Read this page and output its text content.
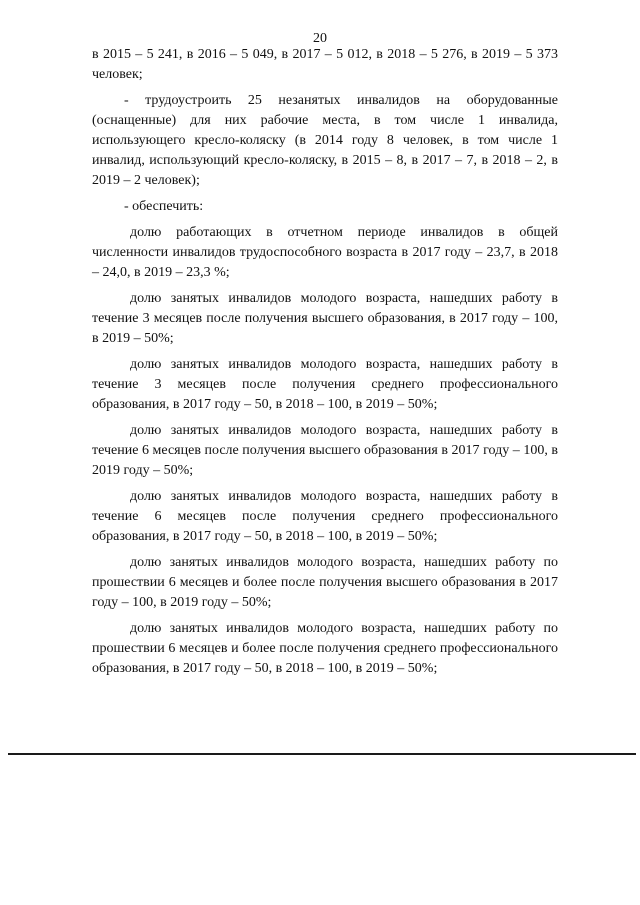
20

в 2015 – 5 241, в 2016 – 5 049, в 2017 – 5 012, в 2018 – 5 276, в 2019 – 5 373 человек;

- трудоустроить 25 незанятых инвалидов на оборудованные (оснащенные) для них рабочие места, в том числе 1 инвалида, использующего кресло-коляску (в 2014 году 8 человек, в том числе 1 инвалид, использующий кресло-коляску, в 2015 – 8, в 2017 – 7, в 2018 – 2, в 2019 – 2 человек);

- обеспечить:

долю работающих в отчетном периоде инвалидов в общей численности инвалидов трудоспособного возраста в 2017 году – 23,7, в 2018 – 24,0, в 2019 – 23,3 %;

долю занятых инвалидов молодого возраста, нашедших работу в течение 3 месяцев после получения высшего образования, в 2017 году – 100, в 2019 – 50%;

долю занятых инвалидов молодого возраста, нашедших работу в течение 3 месяцев после получения среднего профессионального образования, в 2017 году – 50, в 2018 – 100, в 2019 – 50%;

долю занятых инвалидов молодого возраста, нашедших работу в течение 6 месяцев после получения высшего образования в 2017 году – 100, в 2019 году – 50%;

долю занятых инвалидов молодого возраста, нашедших работу в течение 6 месяцев после получения среднего профессионального образования, в 2017 году – 50, в 2018 – 100, в 2019 – 50%;

долю занятых инвалидов молодого возраста, нашедших работу по прошествии 6 месяцев и более после получения высшего образования в 2017 году – 100, в 2019 году – 50%;

долю занятых инвалидов молодого возраста, нашедших работу по прошествии 6 месяцев и более после получения среднего профессионального образования, в 2017 году – 50, в 2018 – 100, в 2019 – 50%;
